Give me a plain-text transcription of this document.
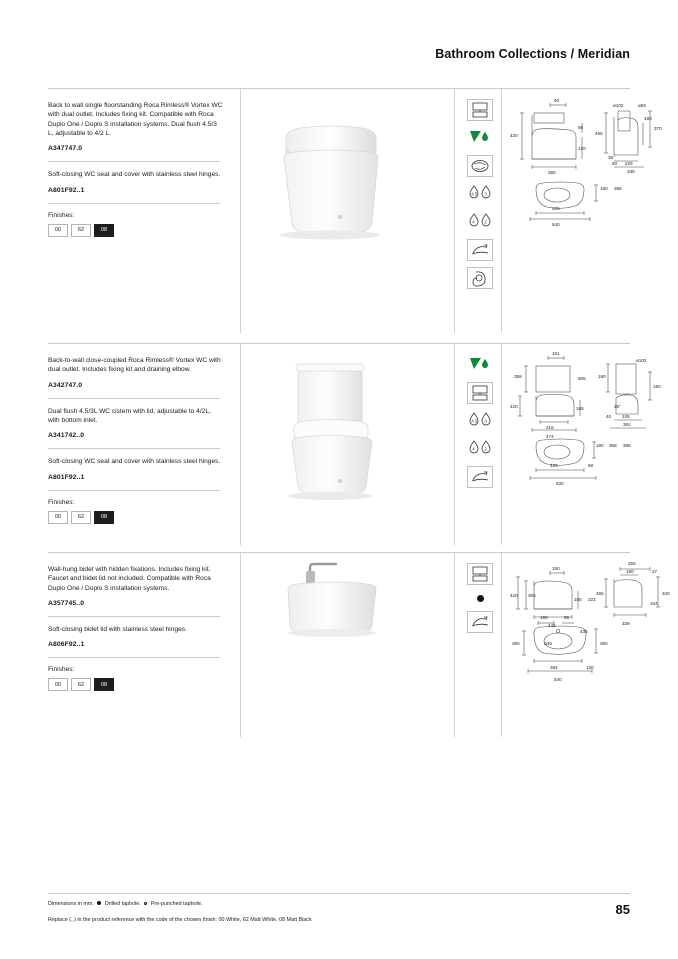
Bathroom Collections / Meridian

Back to wall single floorstanding Roca Rimless® Vortex WC with dual outlet. Includes fixing kit. Compatible with Roca Duplo One / Duplo S installation systems. Dual flush 4.5/3 L, adjustable to 4/2 L.

A347747.0

Soft-closing WC seat and cover with stainless steel hinges.

A801F92..1

Finishes:

00	62	08
4.5 3
4 2
40
420
95
120
385
ø102	ø55
465
370
180
35°
60 225
345
180 358
425
540

Back-to-wall close-coupled Roca Rimless® Vortex WC with dual outlet. Includes fixing kit and draining elbow.

A342747.0

Dual flush 4.5/3L WC cistern with lid, adjustable to 4/2L, with bottom inlet.

A341742..0

Soft-closing WC seat and cover with stainless steel hinges.

A801F92..1

Finishes:

00	62	08
4.5 3
4 2
151
358	805
420	165
215
474
180
ø102
180
35°
40 245
362
180 358 395
425	68
630

Wall-hung bidet with hidden fixations. Includes fixing kit. Faucet and bidet lid not included. Compatible with Roca Duplo One / Duplo S installation systems.

A357745..0

Soft-closing bidet lid with stainless steel hinges.

A806F92..1

Finishes:

00	62	08
150
305
420
105 222
445
255
180	27
465	340
104
339
165	65
435
280	ø46	360
384	130
540
Dimensions in mm. Drilled taphole. Pre-punched taphole.
Replace (..) in the product reference with the code of the chosen finish: 00 White, 62 Matt White, 08 Matt Black
85
